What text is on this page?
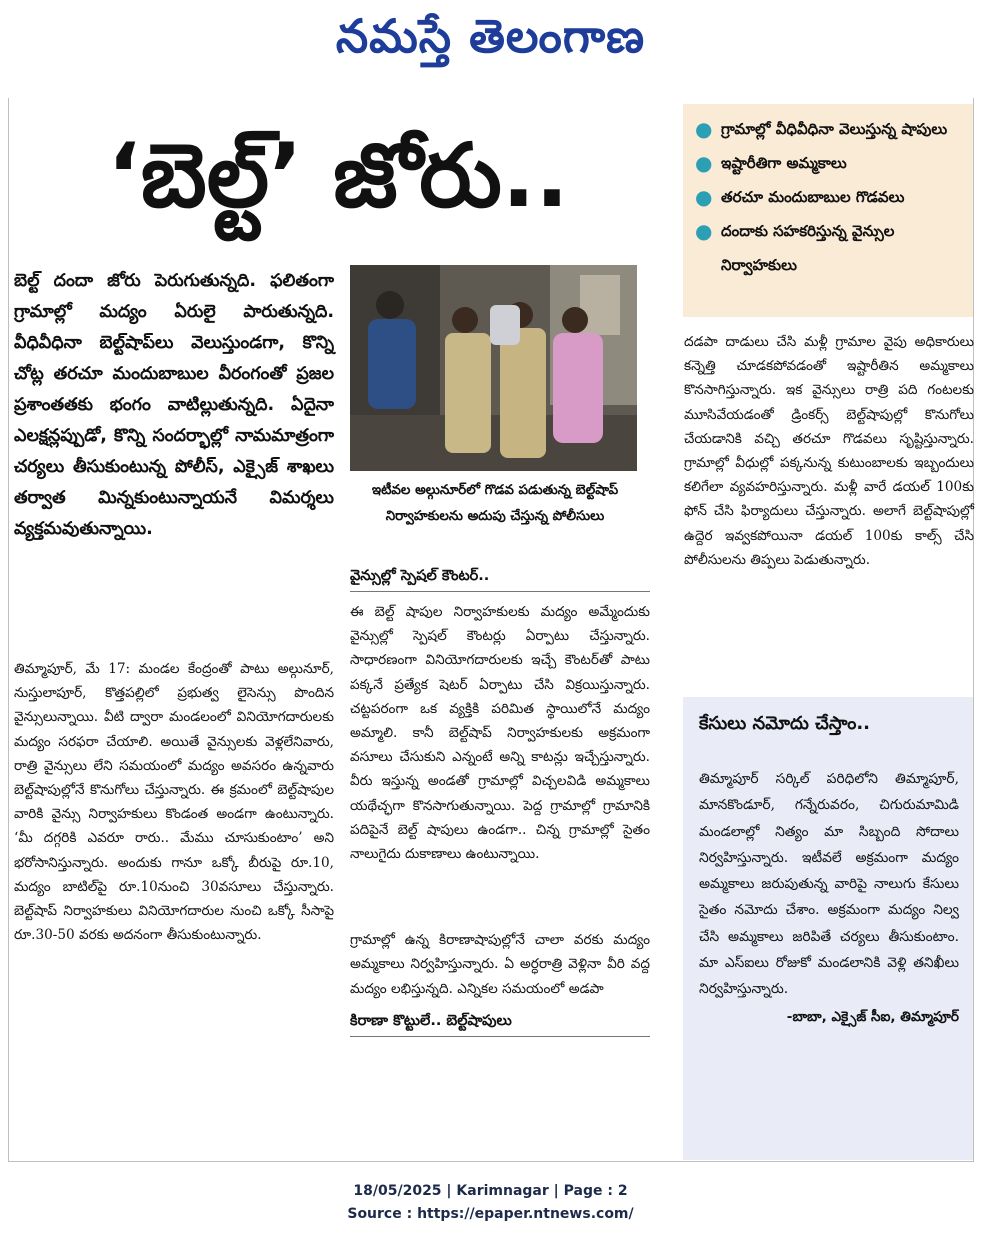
నమస్తే తెలంగాణ
‘బెల్ట్’ జోరు..
బెల్ట్ దందా జోరు పెరుగుతున్నది. ఫలితంగా గ్రామాల్లో మద్యం ఏరులై పారుతున్నది. వీధివీధినా బెల్ట్‌షాప్‌లు వెలుస్తుండగా, కొన్ని చోట్ల తరచూ మందుబాబుల వీరంగంతో ప్రజల ప్రశాంతతకు భంగం వాటిల్లుతున్నది. ఏదైనా ఎలక్షన్లప్పుడో, కొన్ని సందర్భాల్లో నామమాత్రంగా చర్యలు తీసుకుంటున్న పోలీస్, ఎక్సైజ్ శాఖలు తర్వాత మిన్నకుంటున్నాయనే విమర్శలు వ్యక్తమవుతున్నాయి.
తిమ్మాపూర్, మే 17: మండల కేంద్రంతో పాటు అల్గునూర్, నుస్తులాపూర్, కొత్తపల్లిలో ప్రభుత్వ లైసెన్సు పొందిన వైన్సులున్నాయి. వీటి ద్వారా మండలంలో వినియోగదారులకు మద్యం సరఫరా చేయాలి. అయితే వైన్సులకు వెళ్లలేనివారు, రాత్రి వైన్సులు లేని సమయంలో మద్యం అవసరం ఉన్నవారు బెల్ట్‌షాపుల్లోనే కొనుగోలు చేస్తున్నారు. ఈ క్రమంలో బెల్ట్‌షాపుల వారికి వైన్సు నిర్వాహకులు కొండంత అండగా ఉంటున్నారు. ‘మీ దగ్గరికి ఎవరూ రారు.. మేము చూసుకుంటాం’ అని భరోసానిస్తున్నారు. అందుకు గానూ ఒక్కో బీరుపై రూ.10, మద్యం బాటిల్‌పై రూ.10నుంచి 30వసూలు చేస్తున్నారు. బెల్ట్‌షాప్ నిర్వాహకులు వినియోగదారుల నుంచి ఒక్కో సీసాపై రూ.30-50 వరకు అదనంగా తీసుకుంటున్నారు.
ఇటీవల అల్గునూర్‌లో గొడవ పడుతున్న బెల్ట్‌షాప్ నిర్వాహకులను అదుపు చేస్తున్న పోలీసులు
వైన్సుల్లో స్పెషల్ కౌంటర్..
ఈ బెల్ట్ షాపుల నిర్వాహకులకు మద్యం అమ్మేందుకు వైన్సుల్లో స్పెషల్ కౌంటర్లు ఏర్పాటు చేస్తున్నారు. సాధారణంగా వినియోగదారులకు ఇచ్చే కౌంటర్‌తో పాటు పక్కనే ప్రత్యేక షెటర్ ఏర్పాటు చేసి విక్రయిస్తున్నారు. చట్టపరంగా ఒక వ్యక్తికి పరిమిత స్థాయిలోనే మద్యం అమ్మాలి. కానీ బెల్ట్‌షాప్ నిర్వాహకులకు అక్రమంగా వసూలు చేసుకుని ఎన్నంటే అన్ని కాటన్లు ఇచ్చేస్తున్నారు. వీరు ఇస్తున్న అండతో గ్రామాల్లో విచ్చలవిడి అమ్మకాలు యథేచ్ఛగా కొనసాగుతున్నాయి. పెద్ద గ్రామాల్లో గ్రామానికి పదిపైనే బెల్ట్ షాపులు ఉండగా.. చిన్న గ్రామాల్లో సైతం నాలుగైదు దుకాణాలు ఉంటున్నాయి.
గ్రామాల్లో ఉన్న కిరాణాషాపుల్లోనే చాలా వరకు మద్యం అమ్మకాలు నిర్వహిస్తున్నారు. ఏ అర్ధరాత్రి వెళ్లినా వీరి వద్ద మద్యం లభిస్తున్నది. ఎన్నికల సమయంలో అడపా
కిరాణా కొట్టులే.. బెల్ట్‌షాపులు
● గ్రామాల్లో వీధివీధినా వెలుస్తున్న షాపులు
● ఇష్టారీతిగా అమ్మకాలు
● తరచూ మందుబాబుల గొడవలు
● దందాకు సహకరిస్తున్న వైన్సుల నిర్వాహకులు
దడపా దాడులు చేసి మళ్లీ గ్రామాల వైపు అధికారులు కన్నెత్తి చూడకపోవడంతో ఇష్టారీతిన అమ్మకాలు కొనసాగిస్తున్నారు. ఇక వైన్సులు రాత్రి పది గంటలకు మూసివేయడంతో డ్రింకర్స్ బెల్ట్‌షాపుల్లో కొనుగోలు చేయడానికి వచ్చి తరచూ గొడవలు సృష్టిస్తున్నారు. గ్రామాల్లో వీధుల్లో పక్కనున్న కుటుంబాలకు ఇబ్బందులు కలిగేలా వ్యవహరిస్తున్నారు. మళ్లీ వారే డయల్ 100కు ఫోన్ చేసి ఫిర్యాదులు చేస్తున్నారు. అలాగే బెల్ట్‌షాపుల్లో ఉద్దెర ఇవ్వకపోయినా డయల్ 100కు కాల్స్ చేసి పోలీసులను తిప్పలు పెడుతున్నారు.
కేసులు నమోదు చేస్తాం..
తిమ్మాపూర్ సర్కిల్ పరిధిలోని తిమ్మాపూర్, మానకొండూర్, గన్నేరువరం, చిగురుమామిడి మండలాల్లో నిత్యం మా సిబ్బంది సోదాలు నిర్వహిస్తున్నారు. ఇటీవలే అక్రమంగా మద్యం అమ్మకాలు జరుపుతున్న వారిపై నాలుగు కేసులు సైతం నమోదు చేశాం. అక్రమంగా మద్యం నిల్వ చేసి అమ్మకాలు జరిపితే చర్యలు తీసుకుంటాం. మా ఎస్‌ఐలు రోజుకో మండలానికి వెళ్లి తనిఖీలు నిర్వహిస్తున్నారు.
-బాబా, ఎక్సైజ్ సీఐ, తిమ్మాపూర్
18/05/2025 | Karimnagar | Page : 2
Source : https://epaper.ntnews.com/
